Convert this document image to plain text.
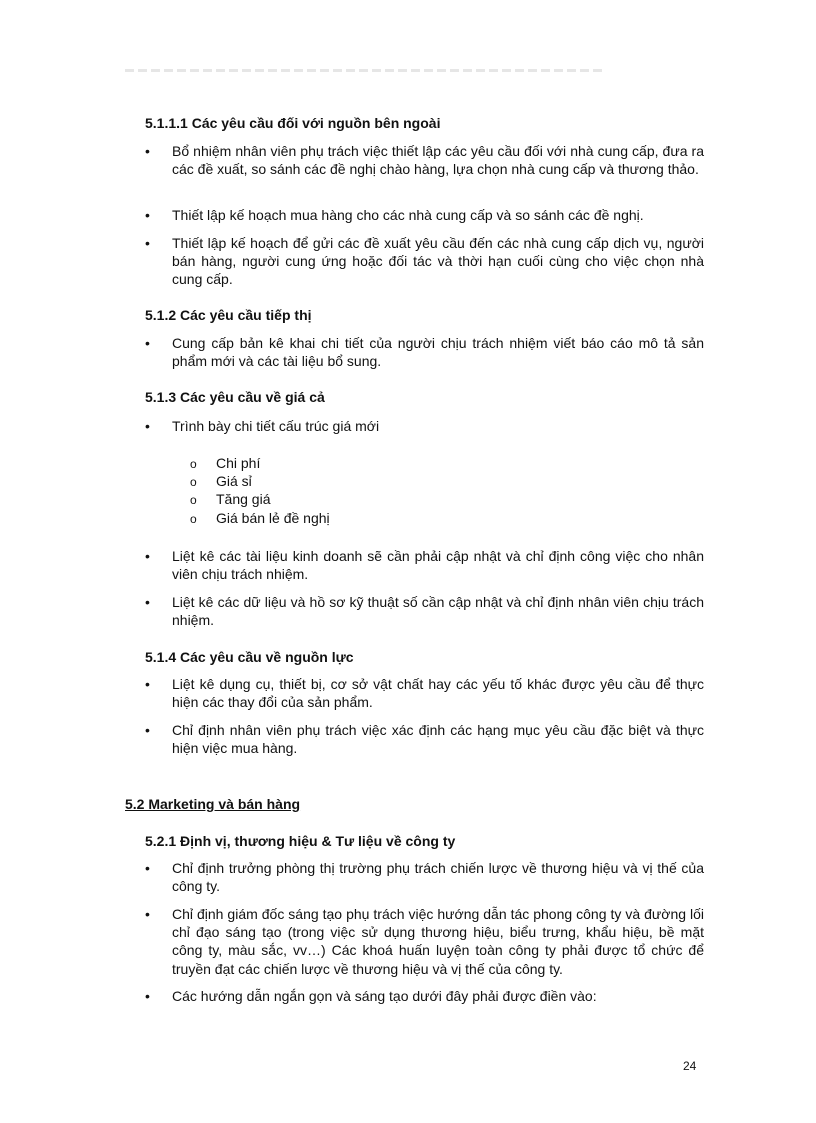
5.1.1.1 Các yêu cầu đối với nguồn bên ngoài
•	Bổ nhiệm nhân viên phụ trách việc thiết lập các yêu cầu đối với nhà cung cấp, đưa ra các đề xuất, so sánh các đề nghị chào hàng, lựa chọn nhà cung cấp và thương thảo.
•	Thiết lập kế hoạch mua hàng cho các nhà cung cấp và so sánh các đề nghị.
•	Thiết lập kế hoạch để gửi các đề xuất yêu cầu đến các nhà cung cấp dịch vụ, người bán hàng, người cung ứng hoặc đối tác và thời hạn cuối cùng cho việc chọn nhà cung cấp.
5.1.2 Các yêu cầu tiếp thị
•	Cung cấp bản kê khai chi tiết của người chịu trách nhiệm viết báo cáo mô tả sản phẩm mới và các tài liệu bổ sung.
5.1.3 Các yêu cầu về giá cả
•	Trình bày chi tiết cấu trúc giá mới
o Chi phí
o Giá sỉ
o Tăng giá
o Giá bán lẻ đề nghị
•	Liệt kê các tài liệu kinh doanh sẽ cần phải cập nhật và chỉ định công việc cho nhân viên chịu trách nhiệm.
•	Liệt kê các dữ liệu và hồ sơ kỹ thuật số cần cập nhật và chỉ định nhân viên chịu trách nhiệm.
5.1.4 Các yêu cầu về nguồn lực
•	Liệt kê dụng cụ, thiết bị, cơ sở vật chất hay các yếu tố khác được yêu cầu để thực hiện các thay đổi của sản phẩm.
•	Chỉ định nhân viên phụ trách việc xác định các hạng mục yêu cầu đặc biệt và thực hiện việc mua hàng.
5.2 Marketing và bán hàng
5.2.1 Định vị, thương hiệu & Tư liệu về công ty
•	Chỉ định trưởng phòng thị trường phụ trách chiến lược về thương hiệu và vị thế của công ty.
•	Chỉ định giám đốc sáng tạo phụ trách việc hướng dẫn tác phong công ty và đường lối chỉ đạo sáng tạo (trong việc sử dụng thương hiệu, biểu trưng, khẩu hiệu, bề mặt công ty, màu sắc, vv…) Các khoá huấn luyện toàn công ty phải được tổ chức để truyền đạt các chiến lược về thương hiệu và vị thế của công ty.
•	Các hướng dẫn ngắn gọn và sáng tạo dưới đây phải được điền vào:
24
